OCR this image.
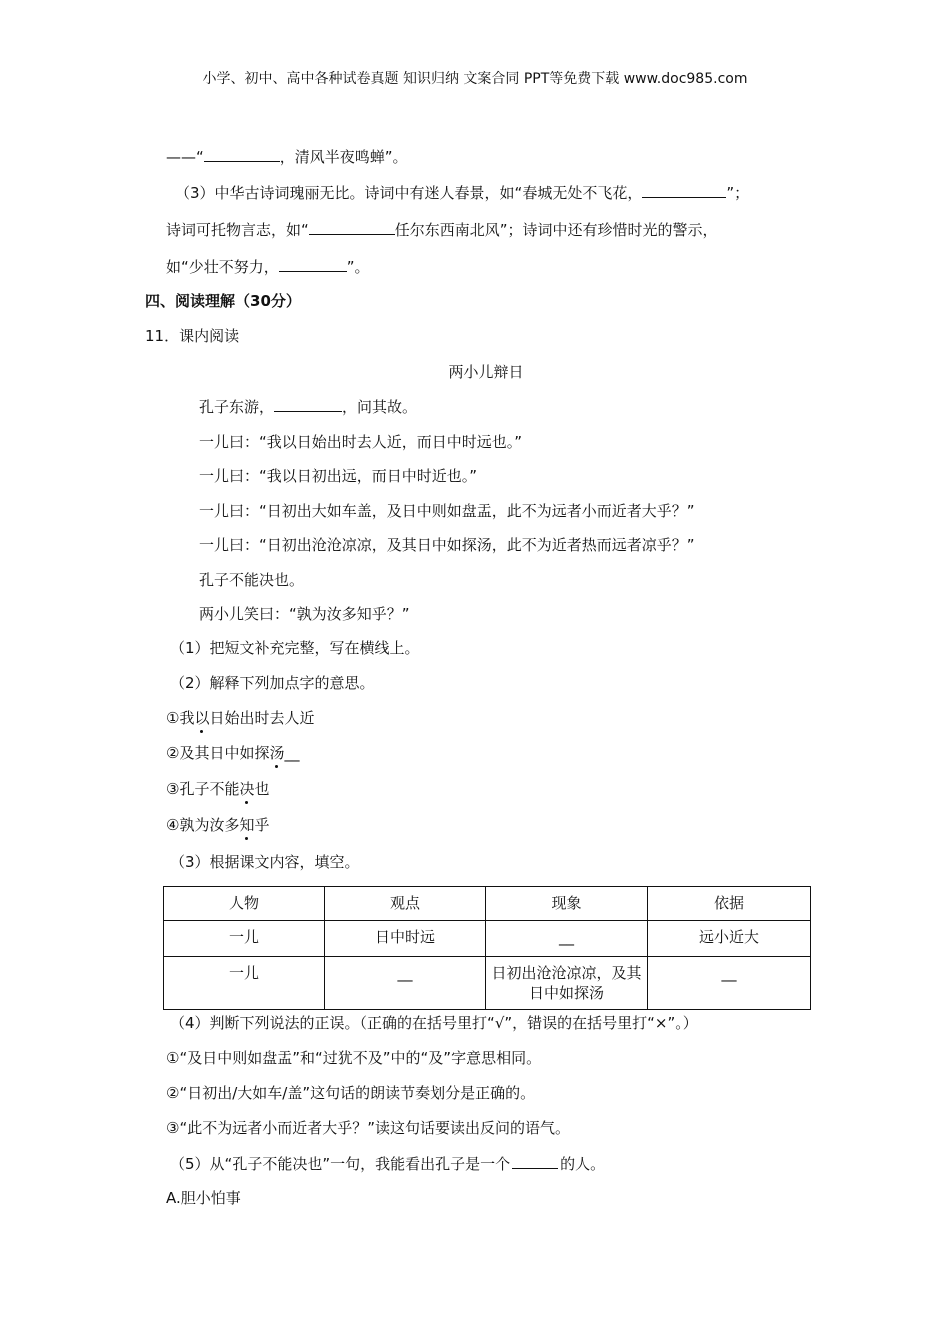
小学、初中、高中各种试卷真题 知识归纳 文案合同 PPT等免费下载 www.doc985.com
——“	，清风半夜鸣蝉”。
（3）中华古诗词瑰丽无比。诗词中有迷人春景，如“春城无处不飞花，	”；
诗词可托物言志，如“	任尔东西南北风”；诗词中还有珍惜时光的警示，
如“少壮不努力，	”。
四、阅读理解（30分）
11．课内阅读
两小儿辩日
孔子东游，	，问其故。
一儿曰：“我以日始出时去人近，而日中时远也。”
一儿曰：“我以日初出远，而日中时近也。”
一儿曰：“日初出大如车盖，及日中则如盘盂，此不为远者小而近者大乎？”
一儿曰：“日初出沧沧凉凉，及其日中如探汤，此不为近者热而远者凉乎？”
孔子不能决也。
两小儿笑曰：“孰为汝多知乎？”
（1）把短文补充完整，写在横线上。
（2）解释下列加点字的意思。
①我以日始出时去人近
②及其日中如探汤__
③孔子不能决也
④孰为汝多知乎
（3）根据课文内容，填空。
人物	观点	现象	依据
一儿	日中时远	__	远小近大
一儿	__	日初出沧沧凉凉，及其日中如探汤	__
（4）判断下列说法的正误。（正确的在括号里打“√”，错误的在括号里打“×”。）
①“及日中则如盘盂”和“过犹不及”中的“及”字意思相同。
②“日初出/大如车/盖”这句话的朗读节奏划分是正确的。
③“此不为远者小而近者大乎？”读这句话要读出反问的语气。
（5）从“孔子不能决也”一句，我能看出孔子是一个	的人。
A.胆小怕事
